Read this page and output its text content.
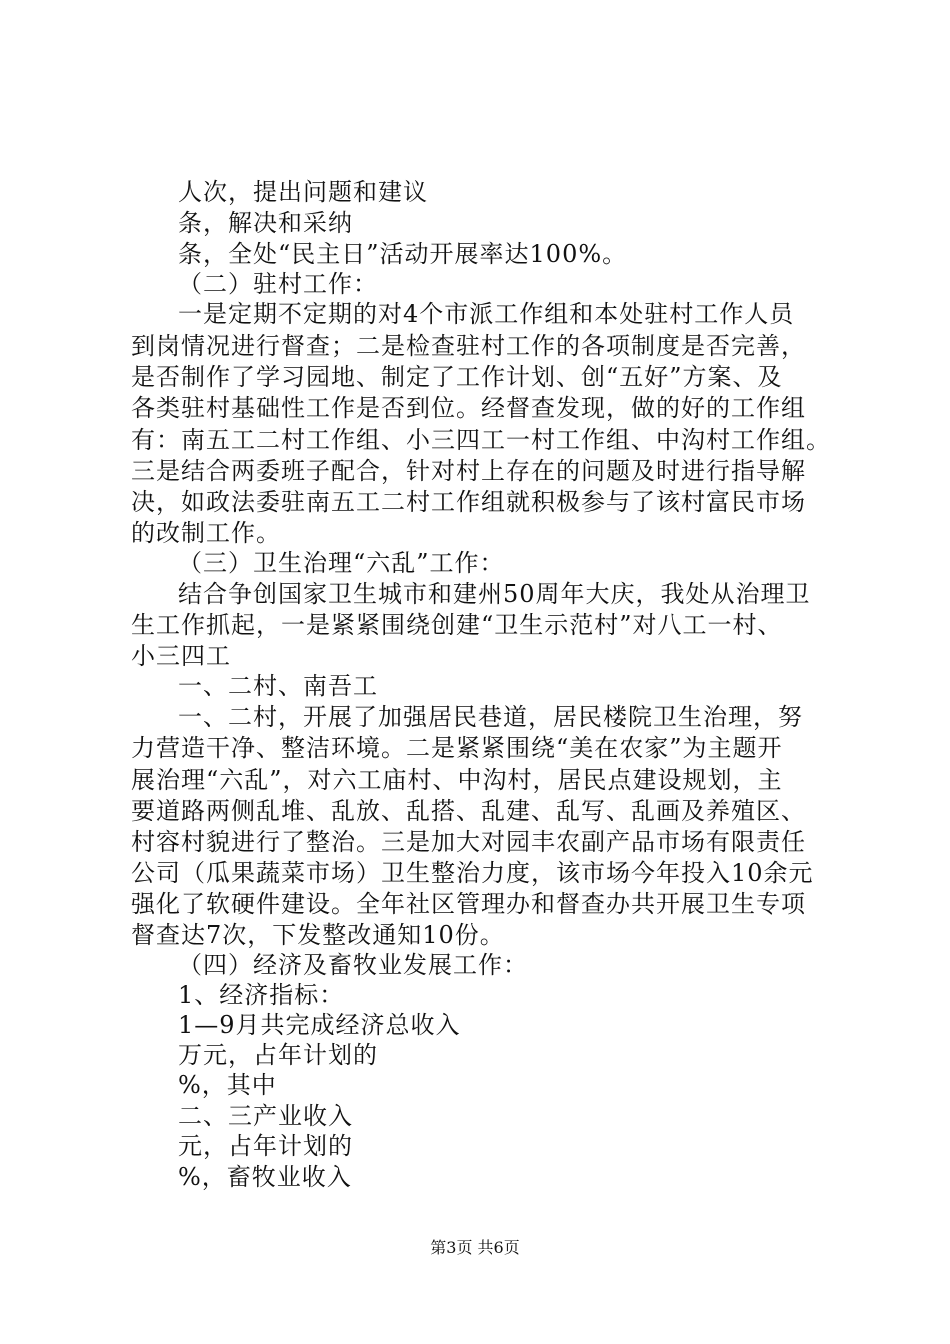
人次，提出问题和建议
条，解决和采纳
条，全处“民主日”活动开展率达100%。
（二）驻村工作：
一是定期不定期的对4个市派工作组和本处驻村工作人员
到岗情况进行督查；二是检查驻村工作的各项制度是否完善，
是否制作了学习园地、制定了工作计划、创“五好”方案、及
各类驻村基础性工作是否到位。经督查发现，做的好的工作组
有：南五工二村工作组、小三四工一村工作组、中沟村工作组。
三是结合两委班子配合，针对村上存在的问题及时进行指导解
决，如政法委驻南五工二村工作组就积极参与了该村富民市场
的改制工作。
（三）卫生治理“六乱”工作：
结合争创国家卫生城市和建州50周年大庆，我处从治理卫
生工作抓起，一是紧紧围绕创建“卫生示范村”对八工一村、
小三四工
一、二村、南吾工
一、二村，开展了加强居民巷道，居民楼院卫生治理，努
力营造干净、整洁环境。二是紧紧围绕“美在农家”为主题开
展治理“六乱”，对六工庙村、中沟村，居民点建设规划，主
要道路两侧乱堆、乱放、乱搭、乱建、乱写、乱画及养殖区、
村容村貌进行了整治。三是加大对园丰农副产品市场有限责任
公司（瓜果蔬菜市场）卫生整治力度，该市场今年投入10余元
强化了软硬件建设。全年社区管理办和督查办共开展卫生专项
督查达7次，下发整改通知10份。
（四）经济及畜牧业发展工作：
1、经济指标：
1—9月共完成经济总收入
万元，占年计划的
%，其中
二、三产业收入
元，占年计划的
%，畜牧业收入
第3页 共6页
